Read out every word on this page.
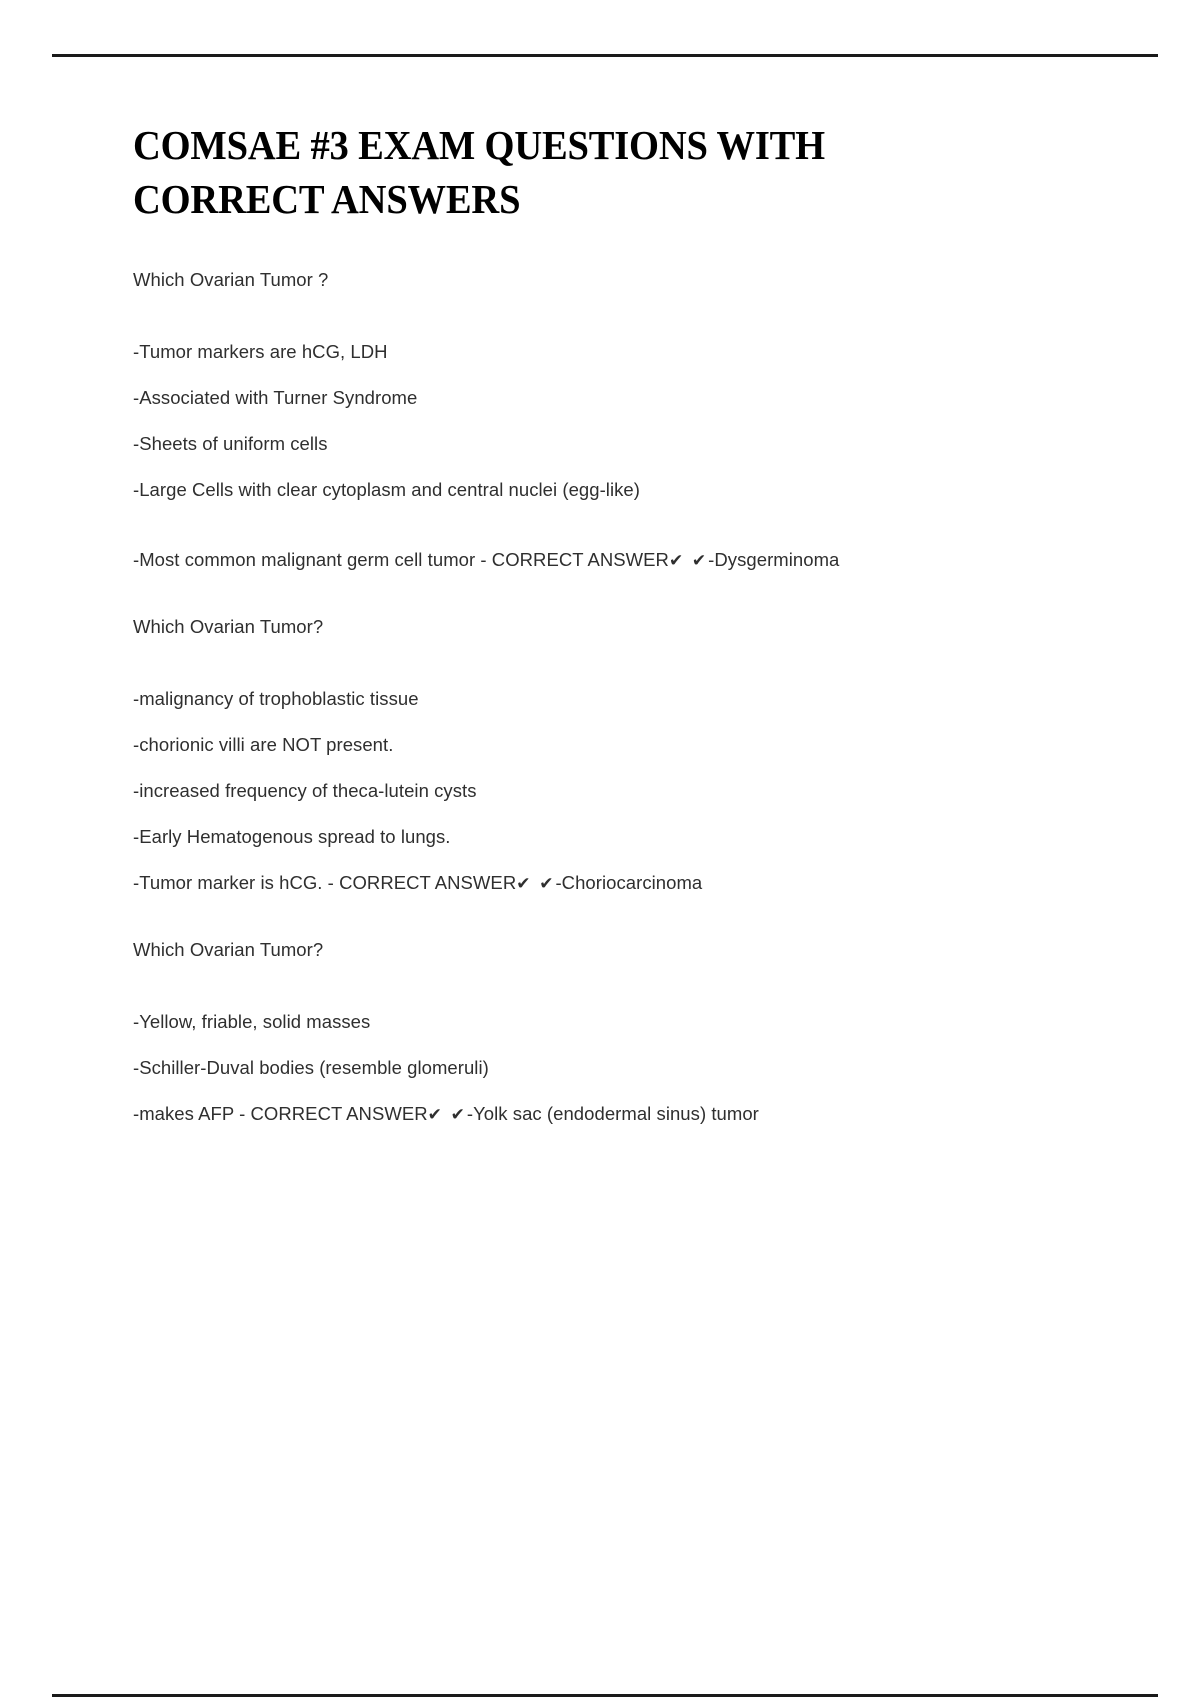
COMSAE #3 EXAM QUESTIONS WITH CORRECT ANSWERS

Which Ovarian Tumor ?

-Tumor markers are hCG, LDH

-Associated with Turner Syndrome

-Sheets of uniform cells

-Large Cells with clear cytoplasm and central nuclei (egg-like)

-Most common malignant germ cell tumor - CORRECT ANSWER✔ ✔-Dysgerminoma

Which Ovarian Tumor?

-malignancy of trophoblastic tissue

-chorionic villi are NOT present.

-increased frequency of theca-lutein cysts

-Early Hematogenous spread to lungs.

-Tumor marker is hCG. - CORRECT ANSWER✔ ✔-Choriocarcinoma

Which Ovarian Tumor?

-Yellow, friable, solid masses

-Schiller-Duval bodies (resemble glomeruli)

-makes AFP - CORRECT ANSWER✔ ✔-Yolk sac (endodermal sinus) tumor
